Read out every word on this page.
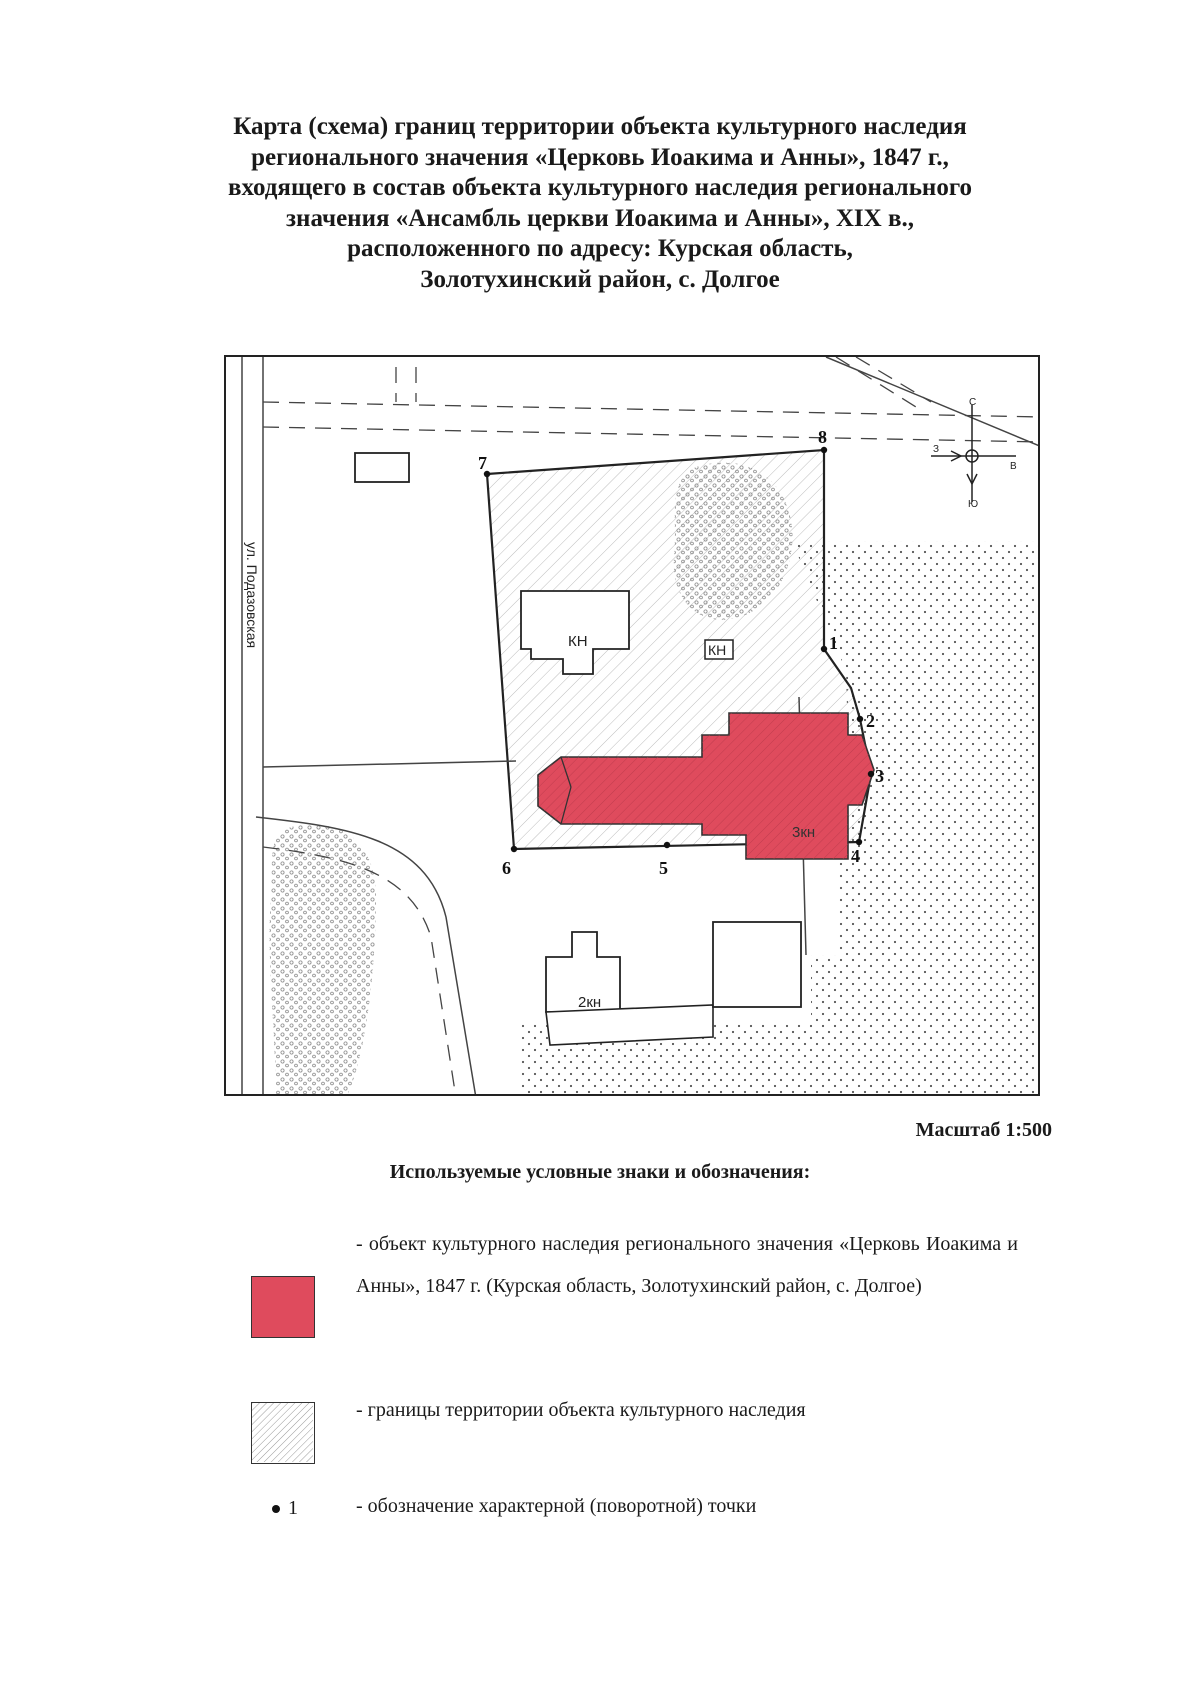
Карта (схема) границ территории объекта культурного наследия
регионального значения «Церковь Иоакима и Анны», 1847 г.,
входящего в состав объекта культурного наследия регионального
значения «Ансамбль церкви Иоакима и Анны», XIX в.,
расположенного по адресу: Курская область,
Золотухинский район, с. Долгое
ул. Подазовская	КН	КН
3кн
2кн
1
2
3
4
5
6
7
8
С
Ю
З
В
Масштаб 1:500
Используемые условные знаки и обозначения:
- объект культурного наследия регионального значения «Церковь Иоакима и Анны», 1847 г. (Курская область, Золотухинский район, с. Долгое)
- границы территории объекта культурного наследия
1	- обозначение характерной (поворотной) точки
